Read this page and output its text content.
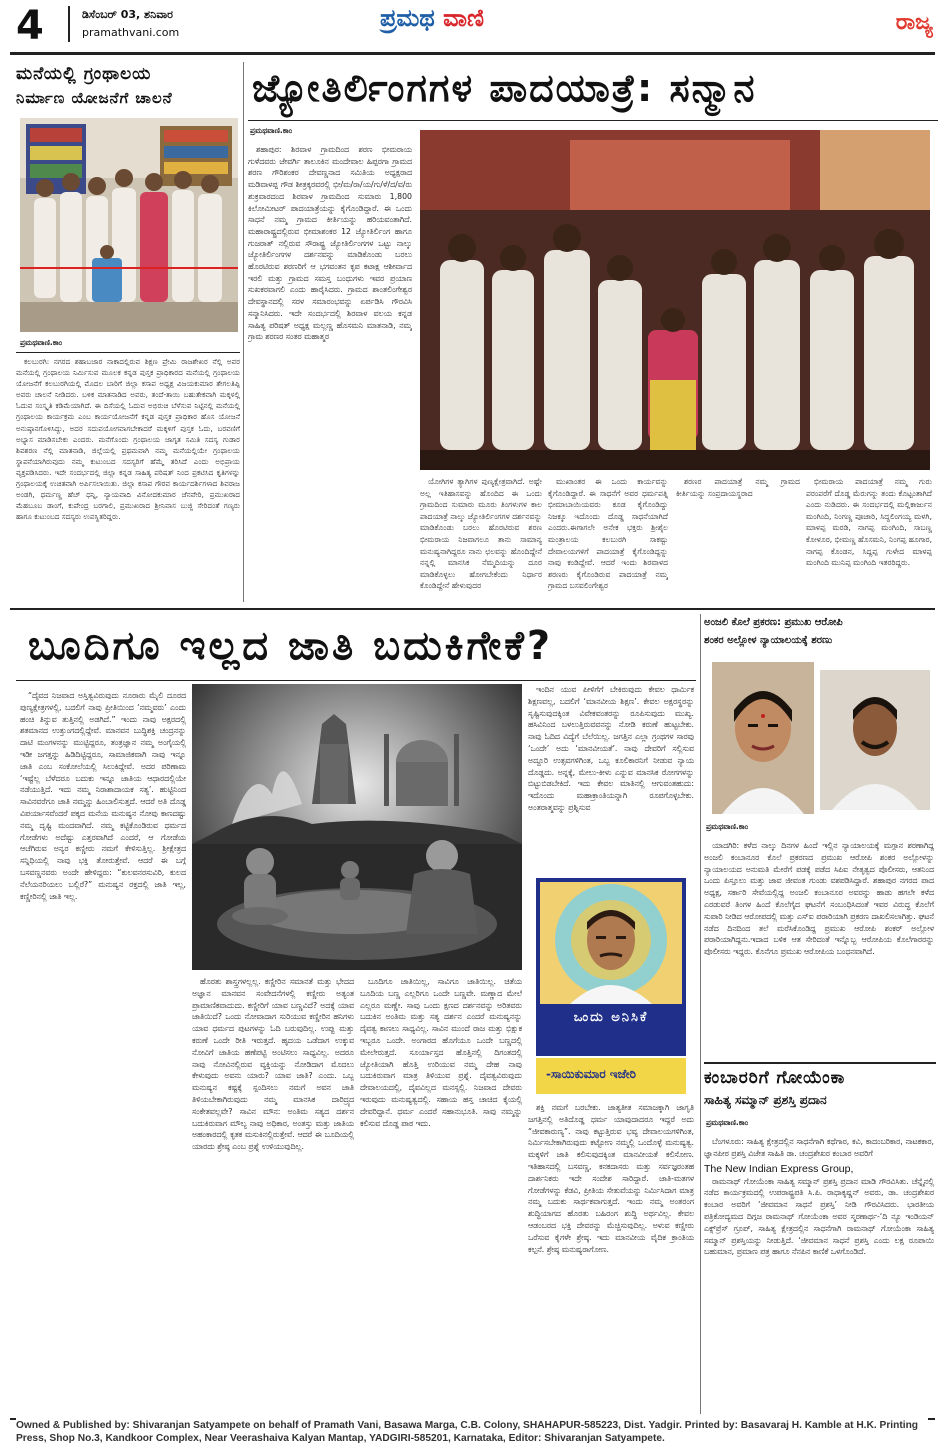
4	ಡಿಸೆಂಬರ್ 03, ಶನಿವಾರ
pramathvani.com
ಪ್ರಮಥ ವಾಣಿ	ರಾಜ್ಯ
ಮನೆಯಲ್ಲಿ ಗ್ರಂಥಾಲಯ
ನಿರ್ಮಾಣ ಯೋಜನೆಗೆ ಚಾಲನೆ
ಪ್ರಮಥವಾಣಿ.ಕಾಂ

ಕಲಬುರಗಿ: ನಗರದ ಶಹಾಬಜಾರ ನಾಕಾದಲ್ಲಿರುವ ಶಿಕ್ಷಣ ಪ್ರೇಮಿ ರಾಜಶೇಖರ ನೆಲ್ಲಿ ಅವರ ಮನೆಯಲ್ಲಿ ಗ್ರಂಥಾಲಯ ನಿರ್ಮಿಸುವ ಮೂಲಕ ಕನ್ನಡ ಪುಸ್ತಕ ಪ್ರಾಧಿಕಾರದ ಮನೆಯಲ್ಲಿ ಗ್ರಂಥಾಲಯ ಯೋಜನೆಗೆ ಕಲಬುರಗಿಯಲ್ಲಿ ಮೊದಲ ಬಾರಿಗೆ ಜಿಲ್ಲಾ ಕಸಾಪ ಅಧ್ಯಕ್ಷ ವಿಜಯಕುಮಾರ ತೇಗಲತಿಪ್ಪಿ ಅವರು ಚಾಲನೆ ನೀಡಿದರು. ಬಳಿಕ ಮಾತನಾಡಿದ ಅವರು, ತಂದೆ-ತಾಯಿ ಬಹುತೇಕವಾಗಿ ಮಕ್ಕಳಲ್ಲಿ ಓದುವ ಸಂಸ್ಕೃತಿ ಕಡಿಮೆಯಾಗಿದೆ. ಈ ದಿಸೆಯಲ್ಲಿ ಓದುವ ಅಭಿರುಚಿ ಬೆಳೆಸುವ ನಿಟ್ಟಿನಲ್ಲಿ ಮನೆಯಲ್ಲಿ ಗ್ರಂಥಾಲಯ ಕಾರ್ಯಕ್ರಮ ಎಂಬ ಕಾರ್ಯಯೋಜನೆಗೆ ಕನ್ನಡ ಪುಸ್ತಕ ಪ್ರಾಧಿಕಾರ ಹೊಸ ಯೋಜನೆ ಅನುಷ್ಠಾನಗೊಳಿಸಿದ್ದು, ಅದರ ಸದುಪಯೋಗವಾಗಬೇಕಾದರೆ ಮಕ್ಕಳಿಗೆ ಪುಸ್ತಕ ಓದು, ಬರವಣಿಗೆ ಅಭ್ಯಾಸ ಮಾಡಿಸಬೇಕು ಎಂದರು. ಮನೆಗೊಂದು ಗ್ರಂಥಾಲಯ ಜಾಗೃತ ಸಮಿತಿ ಸದಸ್ಯ ಗುಡಾರ ಶಿವಶರಣ ನೆಲ್ಲಿ ಮಾತನಾಡಿ, ಜಿಲ್ಲೆಯಲ್ಲಿ ಪ್ರಥಮವಾಗಿ ನಮ್ಮ ಮನೆಯಲ್ಲಿಯೇ ಗ್ರಂಥಾಲಯ ಸ್ಥಾಪನೆಯಾಗಿರುವುದು ನಮ್ಮ ಕುಟುಂಬದ ಸದಸ್ಯರಿಗೆ ಹೆಮ್ಮೆ ತರಿಸಿದೆ ಎಂದು ಅಭಿಪ್ರಾಯ ವ್ಯಕ್ತಪಡಿಸಿದರು. ಇದೇ ಸಂದರ್ಭದಲ್ಲಿ ಜಿಲ್ಲಾ ಕನ್ನಡ ಸಾಹಿತ್ಯ ಪರಿಷತ್ ನಿಂದ ಪ್ರಕಟಿಸಿದ ಕೃತಿಗಳನ್ನು ಗ್ರಂಥಾಲಯಕ್ಕೆ ಉಚಿತವಾಗಿ ಅರ್ಪಿಸಲಾಯಿತು. ಜಿಲ್ಲಾ ಕಸಾಪ ಗೌರವ ಕಾರ್ಯದರ್ಶಿಗಳಾದ ಶಿವರಾಜ ಅಂಡಗಿ, ಧರ್ಮಣ್ಣ ಹೆಚ್ ಧನ್ನಿ, ನ್ಯಾಯವಾದಿ ವಿನೋದಕುಮಾರ ಜೆನವೇರಿ, ಪ್ರಮುಖರಾದ ಮೆಹಬೂಬ ಡಾಂಗೆ, ಕುಪೇಂದ್ರ ಬರಗಾಲಿ, ಪ್ರಮುಖರಾದ ಶ್ರೀನಿವಾಸ ಬುಜ್ಜಿ ಸೇರಿದಂತೆ ಗಣ್ಯರು ಹಾಗೂ ಕುಟುಂಬದ ಸದಸ್ಯರು ಉಪಸ್ಥಿತರಿದ್ದರು.

ಜ್ಯೋತಿರ್ಲಿಂಗಗಳ ಪಾದಯಾತ್ರೆ: ಸನ್ಮಾನ
ಪ್ರಮಥವಾಣಿ.ಕಾಂ

ಶಹಾಪುರ: ಶಿರವಾಳ ಗ್ರಾಮದಿಂದ ಶರಣ ಭೀಮರಾಯ ಗುಳೆದವರು ಜೇವರ್ಗಿ ತಾಲೂಕಿನ ಮಂದೇವಾಲ ಹಿಪ್ಪರಗಾ ಗ್ರಾಮದ ಶರಣ ಗೌರಿಶಂಕರ ದೇವಣ್ಣನಾದ ಸಮಿತಿಯ ಅಧ್ಯಕ್ಷರಾದ ಮಡಿವಾಳಪ್ಪ ಗೌಡ ಶೀತ್ರಕ್ಕರವರಲ್ಲಿ ಭೀ/ಮ/ರಾ/ಯ/ಗು/ಳೆ/ದ/ವ/ರು ಶುಕ್ರವಾರದಂದ ಶಿರವಾಳ ಗ್ರಾಮದಿಂದ ಸುಮಾರು 1,800 ಕಿಲೋಮೀಟರ್ ಪಾದಯಾತ್ರೆಯನ್ನು ಕೈಗೊಂಡಿದ್ದಾರೆ. ಈ ಒಂದು ಸಾಧನೆ ನಮ್ಮ ಗ್ರಾಮದ ಕೀರ್ತಿಯನ್ನು ಹರಿಯವಂತಾಗಿದೆ. ಮಹಾರಾಷ್ಟ್ರದಲ್ಲಿರುವ ಭೀಮಾಶಂಕರ 12 ಜ್ಯೋತಿರ್ಲಿಂಗ ಹಾಗೂ ಗುಜರಾತ್ ನಲ್ಲಿರುವ ಸೌರಾಷ್ಟ್ರ ಜ್ಯೋತಿರ್ಲಿಂಗಗಳ ಒಟ್ಟು ನಾಲ್ಕು ಜ್ಯೋತಿರ್ಲಿಂಗಗಳ ದರ್ಶನವನ್ನು ಮಾಡಿಕೊಂಡು ಬರಲು ಹೊರಟಿರುವ ಶರಣರಿಗೆ ಆ ಭಗವಂತನ ಕೃಪ ಕಟಾಕ್ಷ ಆಶೀರ್ವಾದ ಇರಲಿ ಮತ್ತು ಗ್ರಾಮದ ಸಮಸ್ತ ಬಂಧುಗಳು ಇವರ ಪ್ರಯಾಣ ಸುಖಕರವಾಗಲಿ ಎಂದು ಹಾರೈಸಿದರು. ಗ್ರಾಮದ ಶಾಂತಲಿಂಗೇಶ್ವರ ದೇವಸ್ಥಾನದಲ್ಲಿ ಸರಳ ಸಮಾರಂಭವನ್ನು ಏರ್ಪಡಿಸಿ ಗೌರವಿಸಿ ಸನ್ಮಾನಿಸಿದರು. ಇದೇ ಸಂದರ್ಭದಲ್ಲಿ ಶಿರವಾಳ ವಲಯ ಕನ್ನಡ ಸಾಹಿತ್ಯ ಪರಿಷತ್ ಅಧ್ಯಕ್ಷ ಮಲ್ಲಣ್ಣ ಹೊಸಮನಿ ಮಾತನಾಡಿ, ನಮ್ಮ ಗ್ರಾಮ ಶರಣರ ಸಂತರ ಮಹಾತ್ಮರ

ಯೋಗಿಗಳ ತ್ಯಾಗಿಗಳ ಪುಣ್ಯಕ್ಷೇತ್ರವಾಗಿದೆ. ಅಷ್ಟೇ ಅಲ್ಲ ಇತಿಹಾಸವನ್ನು ಹೊಂದಿದ ಈ ಒಂದು ಗ್ರಾಮದಿಂದ ಸುಮಾರು ಮೂರು ತಿಂಗಳುಗಳ ಕಾಲ ಪಾದಯಾತ್ರೆ ನಾಲ್ಕು ಜ್ಯೋತಿರ್ಲಿಂಗಗಳ ದರ್ಶನವನ್ನು ಮಾಡಿಕೊಂಡು ಬರಲು ಹೊರಟಿರುವ ಶರಣ ಭೀಮರಾಯ ನಿಜವಾಗಲೂ ತಾನು ಸಾಮಾನ್ಯ ಮನುಷ್ಯನಾಗಿದ್ದರೂ ನಾನು ಛಲವನ್ನು ಹೊಂದಿದ್ದೇನೆ ನನ್ನಲ್ಲಿ ಮಾನಸಿಕ ನೆಮ್ಮದಿಯನ್ನು ದೂರ ಮಾಡಿಕೊಳ್ಳಲು ಹೋಗಬೇಕೆಂದು ನಿರ್ಧಾರ ಕೊಂಡಿದ್ದೇನೆ ಹೇಳುವುದರ

ಮುಖಾಂತರ ಈ ಒಂದು ಕಾರ್ಯವನ್ನು ಕೈಗೊಂಡಿದ್ದಾರೆ. ಈ ಸಾಧನೆಗೆ ಅವರ ಧರ್ಮಪತ್ನಿ ಭೀಮಾಬಾಯಿಯವರು ಕೂಡ ಕೈಗೊಂಡಿದ್ದು ನಿಜಕ್ಕೂ ಇದೊಂದು ದೊಡ್ಡ ಸಾಧನೆಯಾಗಿದೆ ಎಂದರು.ಈಗಾಗಲೇ ಅನೇಕ ಭಕ್ತರು ಶ್ರೀಶೈಲ ಮಂತ್ರಾಲಯ ಕಲಬುರಗಿ ಸಾಕಷ್ಟು ದೇವಾಲಯಗಳಿಗೆ ಪಾದಯಾತ್ರೆ ಕೈಗೊಂಡಿದ್ದನ್ನು ನಾವು ಕಂಡಿದ್ದೇವೆ. ಆದರೆ ಇಂದು ಶಿರವಾಳದ ಶರಣರು ಕೈಗೊಂಡಿರುವ ಪಾದಯಾತ್ರೆ ನಮ್ಮ ಗ್ರಾಮದ ಬಸವಲಿಂಗೇಶ್ವರ

ಶರಣರ ಪಾದಯಾತ್ರೆ ನಮ್ಮ ಗ್ರಾಮದ ಕೀರ್ತಿಯನ್ನು ಸಂಪ್ರದಾಯಸ್ಥರಾದ

ಭೀಮರಾಯ ಪಾದಯಾತ್ರೆ ನಮ್ಮ ಗುರು ಪರಂಪರೆಗೆ ದೊಡ್ಡ ಮೆರುಗನ್ನು ತಂದು ಕೊಟ್ಟಂತಾಗಿದೆ ಎಂದು ನುಡಿದರು. ಈ ಸಂದರ್ಭದಲ್ಲಿ ಮಲ್ಲಿಕಾರ್ಜುನ ಮಂಗಿಂದಿ, ನಿಂಗಣ್ಣ ಪೂಜಾರಿ, ಸಿದ್ಧಲಿಂಗಯ್ಯ ಮಳಗಿ, ಮಾಳಪ್ಪ ಮರಡಿ, ನಾಗಪ್ಪ ಮಂಗಿಂದಿ, ಸಾಬಣ್ಣ ಕೋಳೂರ, ಭೀಮಣ್ಣ ಹೊಸಮನಿ, ನಿಂಗಪ್ಪ ಹೂಗಾರ, ನಾಗಪ್ಪ ಕೊಂಡನ, ಸಿದ್ದಪ್ಪ ಗುಳೇದ ಮಾಳಪ್ಪ ಮಂಗಿಂದಿ ಮುನಿಪ್ಪ ಮಂಗಿಂದಿ ಇತರರಿದ್ದರು.

ಬೂದಿಗೂ ಇಲ್ಲದ ಜಾತಿ ಬದುಕಿಗೇಕೆ?

“ದೈವದ ನಿಜವಾದ ಅಸ್ತಿತ್ವವಿರುವುದು ನೂರಾರು ಮೈಲಿ ದೂರದ ಪುಣ್ಯಕ್ಷೇತ್ರಗಳಲ್ಲಿ, ಬದಲಿಗೆ ನಾವು ಪ್ರೀತಿಯಿಂದ ‘ನಮ್ಮವರು’ ಎಂದು ಹಂಚಿ ತಿನ್ನುವ ತುತ್ತಿನಲ್ಲಿ ಅಡಗಿದೆ.” ಇಂದು ನಾವು ಅಕ್ಷರದಲ್ಲಿ ಶತಮಾನದ ಉತ್ತುಂಗದಲ್ಲಿದ್ದೇವೆ. ಮಾನವನ ಬುದ್ಧಿಶಕ್ತಿ ಚಂದ್ರನನ್ನು ದಾಟಿ ಮಂಗಳನನ್ನು ಮುಟ್ಟಿದ್ದರೂ, ತಂತ್ರಜ್ಞಾನ ನಮ್ಮ ಅಂಗೈಯಲ್ಲಿ ಇಡೀ ಜಗತ್ತನ್ನು ಹಿಡಿದಿಟ್ಟಿದ್ದರೂ, ಸಾಮಾಜಿಕವಾಗಿ ನಾವು ಇನ್ನೂ ಜಾತಿ ಎಂಬ ಸಂಕೋಲೆಯಲ್ಲಿ ಸಿಲುಕಿದ್ದೇವೆ. ಅದರ ಪರಿಣಾಮ ‘ಇಷ್ಟೆಲ್ಲ ಬೆಳೆದರೂ ಬದುಕು ಇನ್ನೂ ಜಾತಿಯ ಆಧಾರದಲ್ಲಿಯೇ ನಡೆಯುತ್ತಿದೆ. ಇದು ನಮ್ಮ ನಿರಾಶಾದಾಯಕ ಸತ್ಯ’. ಹುಟ್ಟಿನಿಂದ ಸಾವಿನವರೆಗೂ ಜಾತಿ ನಮ್ಮನ್ನು ಹಿಂಬಾಲಿಸುತ್ತದೆ. ಆದರೆ ಅತಿ ದೊಡ್ಡ ವಿಪರ್ಯಾಸವೆಂದರೆ ಪಕ್ಕದ ಮನೆಯ ಮನುಷ್ಯನ ನೋವು ಕಾಣದಷ್ಟು ನಮ್ಮ ದೃಷ್ಟಿ ಮಂದವಾಗಿದೆ. ನಮ್ಮ ಕಟ್ಟಿಕೊಂಡಿರುವ ಧರ್ಮದ ಗೋಡೆಗಳು ಅದೆಷ್ಟು ಎತ್ತರವಾಗಿದೆ ಎಂದರೆ, ಆ ಗೋಡೆಯ ಆಚೆಗಿರುವ ಅನ್ಯರ ಕಣ್ಣೀರು ನಮಗೆ ಕೇಳಿಸುತ್ತಿಲ್ಲ. ಶ್ರೀಕ್ಷೇತ್ರದ ಸನ್ನಿಧಿಯಲ್ಲಿ ನಾವು ಭಕ್ತಿ ತೋರುತ್ತೇವೆ. ಆದರೆ ಈ ಬಗ್ಗೆ ಬಸವಣ್ಣನವರು ಅಂದೇ ಹೇಳಿದ್ದರು: “ಕುಲವನರಸುವಿರಿ, ಕುಲದ ನೆಲೆಯನರಿಯಲು ಬಲ್ಲಿರೆ?” ಮನುಷ್ಯನ ರಕ್ತದಲ್ಲಿ ಜಾತಿ ಇಲ್ಲ, ಕಣ್ಣೀರಿನಲ್ಲಿ ಜಾತಿ ಇಲ್ಲ.

ಹೊರತು ಶಾಸ್ತ್ರಗಳಲ್ಲಲ್ಲ. ಕಣ್ಣೀರಿನ ಸಮಾನತೆ ಮತ್ತು ಭೇದದ ಅಜ್ಞಾನ ಮಾನವನ ಸಂವೇದನೆಗಳಲ್ಲಿ ಕಣ್ಣೀರು ಅತ್ಯಂತ ಪ್ರಾಮಾಣಿಕವಾದುದು. ಕಣ್ಣೀರಿಗೆ ಯಾವ ಬಣ್ಣವಿದೆ? ಅದಕ್ಕೆ ಯಾವ ಜಾತಿಯಿದೆ? ಒಂದು ನೋವಾದಾಗ ಸುರಿಯುವ ಕಣ್ಣೀರಿನ ಹನಿಗಳು ಯಾವ ಧರ್ಮದ ಪುಟಗಳನ್ನು ಓದಿ ಬರುವುದಿಲ್ಲ. ಉಪ್ಪು ಮತ್ತು ಕರುಣೆ ಒಂದೇ ರೀತಿ ಇರುತ್ತದೆ. ಹೃದಯ ಒಡೆದಾಗ ಉಕ್ಕುವ ನೋವಿಗೆ ಜಾತಿಯ ಹಣೆಪಟ್ಟಿ ಅಂಟಿಸಲು ಸಾಧ್ಯವಿಲ್ಲ. ಅದರೂ ನಾವು ನೋವಿನಲ್ಲಿರುವ ವ್ಯಕ್ತಿಯನ್ನು ನೋಡಿದಾಗ ಮೊದಲು ಕೇಳುವುದು ಅವನು ಯಾರು? ಯಾವ ಜಾತಿ? ಎಂದು. ಒಬ್ಬ ಮನುಷ್ಯನ ಕಷ್ಟಕ್ಕೆ ಸ್ಪಂದಿಸಲು ನಮಗೆ ಅವನ ಜಾತಿ ತಿಳಿಯಬೇಕಾಗಿರುವುದು ನಮ್ಮ ಮಾನಸಿಕ ದಾರಿದ್ರ್ಯದ ಸಂಕೇತವಲ್ಲವೇ? ಸಾವಿನ ಮೌನ: ಅಂತಿಮ ಸತ್ಯದ ದರ್ಶನ ಬದುಕಿರುವಾಗ ಮೌಲ್ಯ ನಾವು ಅಧಿಕಾರ, ಅಂತಸ್ತು ಮತ್ತು ಜಾತಿಯ ಅಹಂಕಾರದಲ್ಲಿ ಕೃತಕ ಮಸುಕಿನಲ್ಲಿರುತ್ತೇವೆ. ಆದರೆ ಈ ಬೂದಿಯಲ್ಲಿ ಯಾರದು ಶ್ರೇಷ್ಠ ಎಂಬ ಪ್ರಶ್ನೆ ಉಳಿಯುವುದಿಲ್ಲ.

ಬೂದಿಗೂ ಜಾತಿಯಿಲ್ಲ, ಸಾವಿಗೂ ಜಾತಿಯಿಲ್ಲ. ಚಿತೆಯ ಬೂದಿಯ ಬಣ್ಣ ಎಲ್ಲರಿಗೂ ಒಂದೇ ಬಣ್ಣವೇ. ಮಣ್ಣಾದ ಮೇಲೆ ಎಲ್ಲರೂ ಮಣ್ಣೇ. ಸಾವು ಒಂದು ಕ್ಷಣದ ದರ್ಶನವನ್ನು ಅರಿತವರು ಬದುಕಿನ ಅಂತಿಮ ಮತ್ತು ಸತ್ಯ ದರ್ಶನ ಎಂದರೆ ಮನುಷ್ಯನನ್ನು ದೈವತ್ವ ಕಾಣಲು ಸಾಧ್ಯವಿಲ್ಲ. ಸಾವಿನ ಮುಂದೆ ರಾಜ ಮತ್ತು ಭಿಕ್ಷುಕ ಇಬ್ಬರೂ ಒಂದೇ. ಅಂಗಾರದ ಹೊಗೆಯೂ ಒಂದೇ ಬಣ್ಣದಲ್ಲಿ ಮೇಲೇರುತ್ತದೆ. ಸೂರ್ಯಾಸ್ತದ ಹೊತ್ತಿನಲ್ಲಿ ದಿಗಂತದಲ್ಲಿ ಜ್ಯೋತಿಯಾಗಿ ಹೊತ್ತಿ ಉರಿಯುವ ನಮ್ಮ ದೇಹ ನಾವು ಬದುಕಿರುವಾಗ ಮಾತ್ರ ತಿಳಿಯುವ ಪ್ರಶ್ನೆ. ದೈವತ್ವವಿರುವುದು ದೇವಾಲಯದಲ್ಲಿ, ದೈವವಿಲ್ಲದ ಮನಸ್ಸಲ್ಲಿ. ನಿಜವಾದ ದೇವರು ಇರುವುದು ಮನುಷ್ಯತ್ವದಲ್ಲಿ. ಸಹಾಯ ಹಸ್ತ ಚಾಚಿದ ಕೈಯಲ್ಲಿ ದೇವರಿದ್ದಾನೆ. ಧರ್ಮ ಎಂದರೆ ಸಹಾನುಭೂತಿ. ಸಾವು ನಮ್ಮನ್ನು ಕಲಿಸುವ ದೊಡ್ಡ ಪಾಠ ಇದು.

ಇಂದಿನ ಯುವ ಪೀಳಿಗೆಗೆ ಬೇಕಿರುವುದು ಕೇವಲ ಧಾರ್ಮಿಕ ಶಿಕ್ಷಣವಲ್ಲ, ಬದಲಿಗೆ ‘ಮಾನವೀಯ ಶಿಕ್ಷಣ’. ಕೇವಲ ಅಕ್ಷರಸ್ಥರನ್ನು ಸೃಷ್ಟಿಸುವುದಕ್ಕಿಂತ ವಿವೇಕವಂತರನ್ನು ರೂಪಿಸುವುದು ಮುಖ್ಯ. ಹಸಿವಿನಿಂದ ಬಳಲುತ್ತಿರುವವನನ್ನು ನೋಡಿ ಕರುಣೆ ಹುಟ್ಟಬೇಕು. ನಾವು ಓದಿದ ವಿದ್ಯೆಗೆ ಬೆಲೆಯಿಲ್ಲ. ಜಗತ್ತಿನ ಎಲ್ಲಾ ಗ್ರಂಥಗಳ ಸಾರವು ‘ಒಂದೇ’ ಅದು ‘ಮಾನವೀಯತೆ’. ನಾವು ದೇವರಿಗೆ ಸಲ್ಲಿಸುವ ಅದ್ದೂರಿ ಉತ್ಸವಗಳಿಗಿಂತ, ಒಬ್ಬ ಕೂಲಿಕಾರನಿಗೆ ನೀಡುವ ನ್ಯಾಯ ದೊಡ್ಡದು. ಅನ್ನಕ್ಕೆ, ಮೇಲು-ಕೀಳು ಎನ್ನುವ ಮಾನಸಿಕ ರೋಗಗಳನ್ನು ಬಿಟ್ಟುಬಿಡಬೇಕಿದೆ. ಇದು ಕೇವಲ ಮಾತಿನಲ್ಲಿ ಆಗುವಂತಹುದು: ಇದೊಂದು ಮಹಾಕ್ರಾಂತಿಯನ್ನಾಗಿ ರೂಪಗೊಳ್ಳಬೇಕು. ಅಂತರಾತ್ಮವನ್ನು ಪ್ರಶ್ನಿಸುವ

ಒಂದು ಅನಿಸಿಕೆ
-ಸಾಯಿಕುಮಾರ ಇಜೇರಿ

ಶಕ್ತಿ ನಮಗೆ ಬರಬೇಕು. ಜಾತ್ಯತೀತ ಸಮಾಜಕ್ಕಾಗಿ ಜಾಗೃತಿ ಜಗತ್ತಿನಲ್ಲಿ ಅತಿದೊಡ್ಡ ಧರ್ಮ ಯಾವುದಾದರೂ ಇದ್ದರೆ ಅದು “ಜೀವಕಾರುಣ್ಯ”. ನಾವು ಕಟ್ಟುತ್ತಿರುವ ಭವ್ಯ ದೇವಾಲಯಗಳಿಗಿಂತ, ನಿರ್ಮಿಸಬೇಕಾಗಿರುವುದು ಕಟ್ಟೋಣ ನಮ್ಮಲ್ಲಿ ಒಂದೊಳ್ಳೆ ಮನುಷ್ಯತ್ವ. ಮಕ್ಕಳಿಗೆ ಜಾತಿ ಕಲಿಸುವುದಕ್ಕಿಂತ ಮಾನವೀಯತೆ ಕಲಿಸೋಣ. ಇತಿಹಾಸದಲ್ಲಿ ಬಸವಣ್ಣ, ಕನಕದಾಸರು ಮತ್ತು ಸರ್ವಜ್ಞರಂತಹ ದಾರ್ಶನಿಕರು ಇದೇ ಸಂದೇಶ ಸಾರಿದ್ದಾರೆ. ಜಾತಿ-ಮತಗಳ ಗೋಡೆಗಳನ್ನು ಕೆಡವಿ, ಪ್ರೀತಿಯ ಸೇತುವೆಯನ್ನು ನಿರ್ಮಿಸಿದಾಗ ಮಾತ್ರ ನಮ್ಮ ಬದುಕು ಸಾರ್ಥಕವಾಗುತ್ತದೆ. ಇಂದು ನಮ್ಮ ಅಂತರಂಗ ಶುದ್ಧಿಯಾಗದ ಹೊರತು ಬಹಿರಂಗ ಶುದ್ಧಿ ಅರ್ಥವಿಲ್ಲ. ಕೇವಲ ಆಡಂಬರದ ಭಕ್ತಿ ದೇವರನ್ನು ಮೆಚ್ಚಿಸುವುದಿಲ್ಲ. ಅಳುವ ಕಣ್ಣೀರು ಒರೆಸುವ ಕೈಗಳೇ ಶ್ರೇಷ್ಠ. ಇದು ಮಾನವೀಯ ವೈದಿಕ ಕ್ರಾಂತಿಯ ಕಲ್ಪನೆ. ಶ್ರೇಷ್ಠ ಮನುಷ್ಯರಾಗೋಣ.

ಅಂಜಲಿ ಕೊಲೆ ಪ್ರಕರಣ: ಪ್ರಮುಖ ಆರೋಪಿ
ಶಂಕರ ಅಲ್ಲೋಳ ನ್ಯಾಯಾಲಯಕ್ಕೆ ಶರಣು
ಪ್ರಮಥವಾಣಿ.ಕಾಂ

ಯಾದಗಿರಿ: ಕಳೆದ ನಾಲ್ಕು ದಿನಗಳ ಹಿಂದೆ ಇಲ್ಲಿನ ನ್ಯಾಯಾಲಯಕ್ಕೆ ಮಗ್ಗಾನ ಶರಣಾಗಿದ್ದ ಅಂಜಲಿ ಕಂಬಾನೂರ ಕೊಲೆ ಪ್ರಕರಣದ ಪ್ರಮುಖ ಆರೋಪಿ ಶಂಕರ ಅಲ್ಲೋಳನ್ನು ನ್ಯಾಯಾಲಯದ ಅನುಮತಿ ಮೇರೆಗೆ ಪಡಕ್ಕೆ ಪಡೆದ ಸಿಪಿಐ ನೇತೃತ್ವದ ಪೊಲೀಸರು, ಆತನಿಂದ ಒಂದು ಪಿಸ್ತೂಲು ಮತ್ತು ಜಾವ ಜೀವಂತ ಗುಂಡು ವಶಪಡಿಸಿದ್ದಾರೆ. ಶಹಾಪುರ ನಗರದ ಪಾದ ಅಧ್ಯಕ್ಷ, ಸರ್ಕಾರಿ ಸೇವೆಯಲ್ಲಿದ್ದ ಅಂಜಲಿ ಕಂಬಾನೂರ ಅವರನ್ನು ಹಾಡು ಹಗಲೇ ಕಳೆದ ಎರಡುವರೆ ತಿಂಗಳ ಹಿಂದೆ ಕೊಲೆಗೈದ ಘಟನೆಗೆ ಸಂಬಂಧಿಸಿದಂತೆ ಇವರ ವಿರುದ್ಧ ಕೊಲೆಗೆ ಸುಪಾರಿ ನೀಡಿದ ಆರೋಪದಲ್ಲಿ ಮತ್ತು ಎಸ್ಐ ಪರಾರಿಯಾಗಿ ಪ್ರಕರಣ ದಾಖಲಿಸಲಾಗಿತ್ತು. ಘಟನೆ ನಡೆದ ದಿನದಿಂದ ತಲೆ ಮರೆಸಿಕೊಂಡಿದ್ದ ಪ್ರಮುಖ ಆರೋಪಿ ಶಂಕರ್ ಅಲ್ಲೋಳ ಪರಾರಿಯಾಗಿದ್ದನು.ಇದಾದ ಬಳಿಕ ಆತ ಸೇರಿದಂತೆ ಇನ್ನೊಬ್ಬ ಆರೋಪಿಯ ಕೊಲೆಗಾರರನ್ನು ಪೊಲೀಸರು ಇದ್ದರು. ಕೊನೆಗೂ ಪ್ರಮುಖ ಆರೋಪಿಯ ಬಂಧನವಾಗಿದೆ.

ಕಂಬಾರರಿಗೆ ಗೋಯೆಂಕಾ
ಸಾಹಿತ್ಯ ಸಮ್ಮಾನ್ ಪ್ರಶಸ್ತಿ ಪ್ರದಾನ
ಪ್ರಮಥವಾಣಿ.ಕಾಂ

ಬೆಂಗಳೂರು: ಸಾಹಿತ್ಯ ಕ್ಷೇತ್ರದಲ್ಲಿನ ಸಾಧನೆಗಾಗಿ ಕಥೆಗಾರ, ಕವಿ, ಕಾದಂಬರಿಕಾರ, ನಾಟಕಕಾರ, ಜ್ಞಾನಪೀಠ ಪ್ರಶಸ್ತಿ ವಿಜೇತ ಸಾಹಿತಿ ಡಾ. ಚಂದ್ರಶೇಖರ ಕಂಬಾರ ಅವರಿಗೆ

The New Indian Express Group,

ರಾಮನಾಥ್ ಗೋಯೆಂಕಾ ಸಾಹಿತ್ಯ ಸಮ್ಮಾನ್ ಪ್ರಶಸ್ತಿ ಪ್ರದಾನ ಮಾಡಿ ಗೌರವಿಸಿತು. ಚೆನ್ನೈನಲ್ಲಿ ನಡೆದ ಕಾರ್ಯಕ್ರಮದಲ್ಲಿ ಉಪರಾಷ್ಟ್ರಪತಿ ಸಿ.ಪಿ. ರಾಧಾಕೃಷ್ಣನ್ ಅವರು, ಡಾ. ಚಂದ್ರಶೇಖರ ಕಂಬಾರ ಅವರಿಗೆ ‘ಜೀವಮಾನ ಸಾಧನೆ ಪ್ರಶಸ್ತಿ’ ನೀಡಿ ಗೌರವಿಸಿದರು. ಭಾರತೀಯ ಪತ್ರಿಕೋದ್ಯಮದ ದಿಗ್ಗಜ ರಾಮನಾಥ್ ಗೋಯೆಂಕಾ ಅವರ ಸ್ಮರಣಾರ್ಥ-‘ದಿ ನ್ಯೂ ಇಂಡಿಯನ್ ಎಕ್ಸ್‌ಪ್ರೆಸ್ ಗ್ರೂಪ್, ಸಾಹಿತ್ಯ ಕ್ಷೇತ್ರದಲ್ಲಿನ ಸಾಧನೆಗಾಗಿ ರಾಮನಾಥ್ ಗೋಯೆಂಕಾ ಸಾಹಿತ್ಯ ಸಮ್ಮಾನ್ ಪ್ರಶಸ್ತಿಯನ್ನು ನೀಡುತ್ತಿದೆ. ‘ಜೀವಮಾನ ಸಾಧನೆ ಪ್ರಶಸ್ತಿ ಎಂದು ಲಕ್ಷ ರೂಪಾಯಿ ಬಹುಮಾನ, ಪ್ರಮಾಣ ಪತ್ರ ಹಾಗೂ ನೆನಪಿನ ಕಾಣಿಕೆ ಒಳಗೊಂಡಿದೆ.

Owned & Published by: Shivaranjan Satyampete on behalf of Pramath Vani, Basawa Marga, C.B. Colony, SHAHAPUR-585223, Dist. Yadgir. Printed by: Basavaraj H. Kamble at H.K. Printing Press, Shop No.3, Kandkoor Complex, Near Veerashaiva Kalyan Mantap, YADGIRI-585201, Karnataka, Editor: Shivaranjan Satyampete.
